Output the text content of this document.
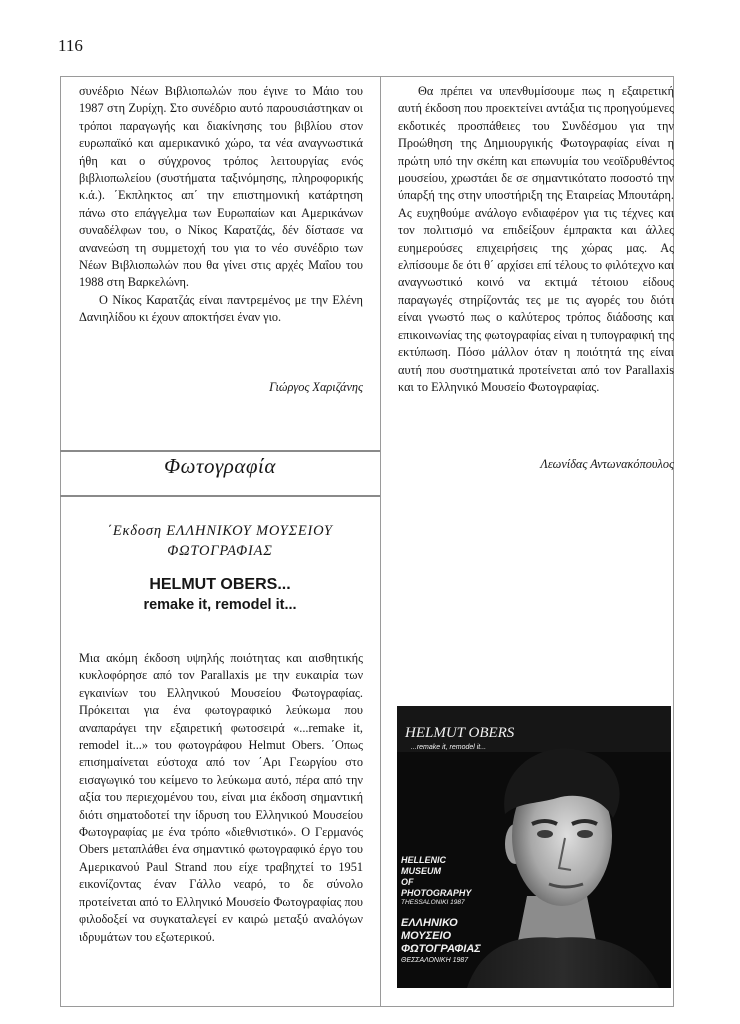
116

συνέδριο Νέων Βιβλιοπωλών που έγινε το Μάιο του 1987 στη Ζυρίχη. Στο συνέδριο αυτό παρουσιάστηκαν οι τρόποι παραγωγής και διακίνησης του βιβλίου στον ευρωπαϊκό και αμερικανικό χώρο, τα νέα αναγνωστικά ήθη και ο σύγχρονος τρόπος λειτουργίας ενός βιβλιοπωλείου (συστήματα ταξινόμησης, πληροφορικής κ.ά.). ΄Εκπληκτος απ΄ την επιστημονική κατάρτηση πάνω στο επάγγελμα των Ευρωπαίων και Αμερικάνων συναδέλφων του, ο Νίκος Καρατζάς, δέν δίστασε να ανανεώση τη συμμετοχή του για το νέο συνέδριο των Νέων Βιβλιοπωλών που θα γίνει στις αρχές Μαΐου του 1988 στη Βαρκελώνη.

Ο Νίκος Καρατζάς είναι παντρεμένος με την Ελένη Δανιηλίδου κι έχουν αποκτήσει έναν γιο.

Γιώργος Χαριζάνης

Θα πρέπει να υπενθυμίσουμε πως η εξαιρετική αυτή έκδοση που προεκτείνει αντάξια τις προηγούμενες εκδοτικές προσπάθειες του Συνδέσμου για την Προώθηση της Δημιουργικής Φωτογραφίας είναι η πρώτη υπό την σκέπη και επωνυμία του νεοϊδρυθέντος μουσείου, χρωστάει δε σε σημαντικότατο ποσοστό την ύπαρξή της στην υποστήριξη της Εταιρείας Μπουτάρη. Ας ευχηθούμε ανάλογο ενδιαφέρον για τις τέχνες και τον πολιτισμό να επιδείξουν έμπρακτα και άλλες ευημερούσες επιχειρήσεις της χώρας μας. Ας ελπίσουμε δε ότι θ΄ αρχίσει επί τέλους το φιλότεχνο και αναγνωστικό κοινό να εκτιμά τέτοιου είδους παραγωγές στηρίζοντάς τες με τις αγορές του διότι είναι γνωστό πως ο καλύτερος τρόπος διάδοσης και επικοινωνίας της φωτογραφίας είναι η τυπογραφική της εκτύπωση. Πόσο μάλλον όταν η ποιότητά της είναι αυτή που συστηματικά προτείνεται από τον Parallaxis και το Ελληνικό Μουσείο Φωτογραφίας.

Λεωνίδας Αντωνακόπουλος
Φωτογραφία
΄Εκδοση ΕΛΛΗΝΙΚΟΥ ΜΟΥΣΕΙΟΥ
ΦΩΤΟΓΡΑΦΙΑΣ
HELMUT OBERS...
remake it, remodel it...

Μια ακόμη έκδοση υψηλής ποιότητας και αισθητικής κυκλοφόρησε από τον Parallaxis με την ευκαιρία των εγκαινίων του Ελληνικού Μουσείου Φωτογραφίας. Πρόκειται για ένα φωτογραφικό λεύκωμα που αναπαράγει την εξαιρετική φωτοσειρά «...remake it, remodel it...» του φωτογράφου Helmut Obers. ΄Οπως επισημαίνεται εύστοχα από τον ΄Αρι Γεωργίου στο εισαγωγικό του κείμενο το λεύκωμα αυτό, πέρα από την αξία του περιεχομένου του, είναι μια έκδοση σημαντική διότι σηματοδοτεί την ίδρυση του Ελληνικού Μουσείου Φωτογραφίας με ένα τρόπο «διεθνιστικό». Ο Γερμανός Obers μεταπλάθει ένα σημαντικό φωτογραφικό έργο του Αμερικανού Paul Strand που είχε τραβηχτεί το 1951 εικονίζοντας έναν Γάλλο νεαρό, το δε σύνολο προτείνεται από το Ελληνικό Μουσείο Φωτογραφίας που φιλοδοξεί να συγκαταλεγεί εν καιρώ μεταξύ αναλόγων ιδρυμάτων του εξωτερικού.

HELMUT OBERS
...remake it, remodel it...
HELLENIC
MUSEUM
OF
PHOTOGRAPHY
THESSALONIKI 1987
ΕΛΛΗΝΙΚΟ
ΜΟΥΣΕΙΟ
ΦΩΤΟΓΡΑΦΙΑΣ
ΘΕΣΣΑΛΟΝΙΚΗ 1987
